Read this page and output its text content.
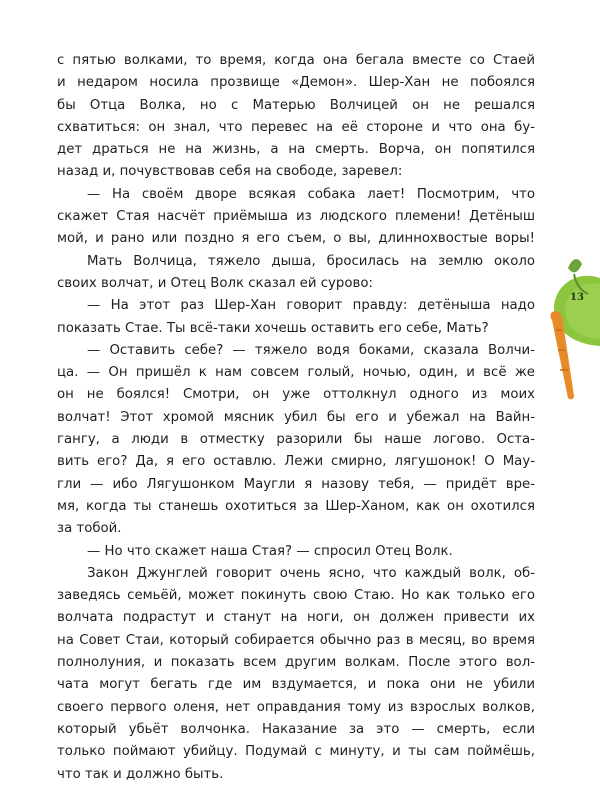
с пятью волками, то время, когда она бегала вместе со Стаей
и недаром носила прозвище «Демон». Шер-Хан не побоялся
бы Отца Волка, но с Матерью Волчицей он не решался
схватиться: он знал, что перевес на её стороне и что она бу-
дет драться не на жизнь, а на смерть. Ворча, он попятился
назад и, почувствовав себя на свободе, заревел:
— На своём дворе всякая собака лает! Посмотрим, что
скажет Стая насчёт приёмыша из людского племени! Детёныш
мой, и рано или поздно я его съем, о вы, длиннохвостые воры!
Мать Волчица, тяжело дыша, бросилась на землю около
своих волчат, и Отец Волк сказал ей сурово:
— На этот раз Шер-Хан говорит правду: детёныша надо
показать Стае. Ты всё-таки хочешь оставить его себе, Мать?
— Оставить себе? — тяжело водя боками, сказала Волчи-
ца. — Он пришёл к нам совсем голый, ночью, один, и всё же
он не боялся! Смотри, он уже оттолкнул одного из моих
волчат! Этот хромой мясник убил бы его и убежал на Вайн-
гангу, а люди в отместку разорили бы наше логово. Оста-
вить его? Да, я его оставлю. Лежи смирно, лягушонок! О Мау-
гли — ибо Лягушонком Маугли я назову тебя, — придёт вре-
мя, когда ты станешь охотиться за Шер-Ханом, как он охотился
за тобой.
— Но что скажет наша Стая? — спросил Отец Волк.
Закон Джунглей говорит очень ясно, что каждый волк, об-
заведясь семьёй, может покинуть свою Стаю. Но как только его
волчата подрастут и станут на ноги, он должен привести их
на Совет Стаи, который собирается обычно раз в месяц, во время
полнолуния, и показать всем другим волкам. После этого вол-
чата могут бегать где им вздумается, и пока они не убили
своего первого оленя, нет оправдания тому из взрослых волков,
который убьёт волчонка. Наказание за это — смерть, если
только поймают убийцу. Подумай с минуту, и ты сам поймёшь,
что так и должно быть.
13
